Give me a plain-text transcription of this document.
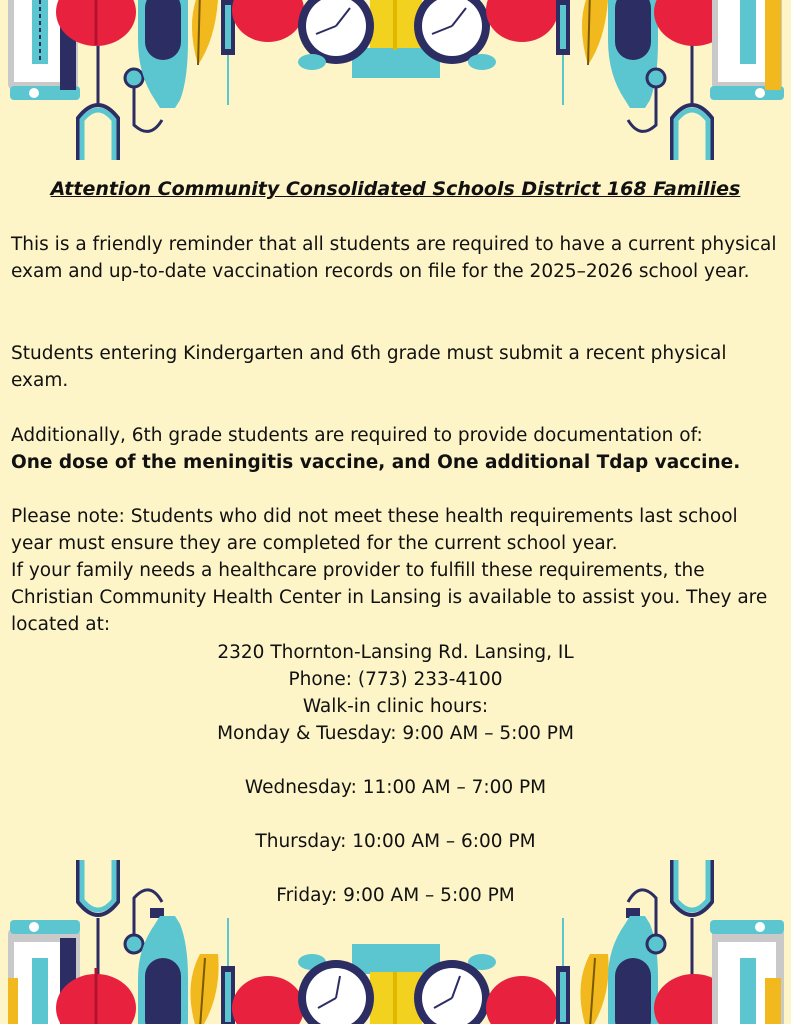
Attention Community Consolidated Schools District 168 Families

This is a friendly reminder that all students are required to have a current physical exam and up-to-date vaccination records on file for the 2025–2026 school year.

Students entering Kindergarten and 6th grade must submit a recent physical exam.

Additionally, 6th grade students are required to provide documentation of:

One dose of the meningitis vaccine, and One additional Tdap vaccine.

Please note: Students who did not meet these health requirements last school year must ensure they are completed for the current school year.

If your family needs a healthcare provider to fulfill these requirements, the Christian Community Health Center in Lansing is available to assist you. They are located at:

2320 Thornton-Lansing Rd. Lansing, IL
Phone: (773) 233-4100
Walk-in clinic hours:
Monday & Tuesday: 9:00 AM – 5:00 PM
Wednesday: 11:00 AM – 7:00 PM
Thursday: 10:00 AM – 6:00 PM
Friday: 9:00 AM – 5:00 PM
